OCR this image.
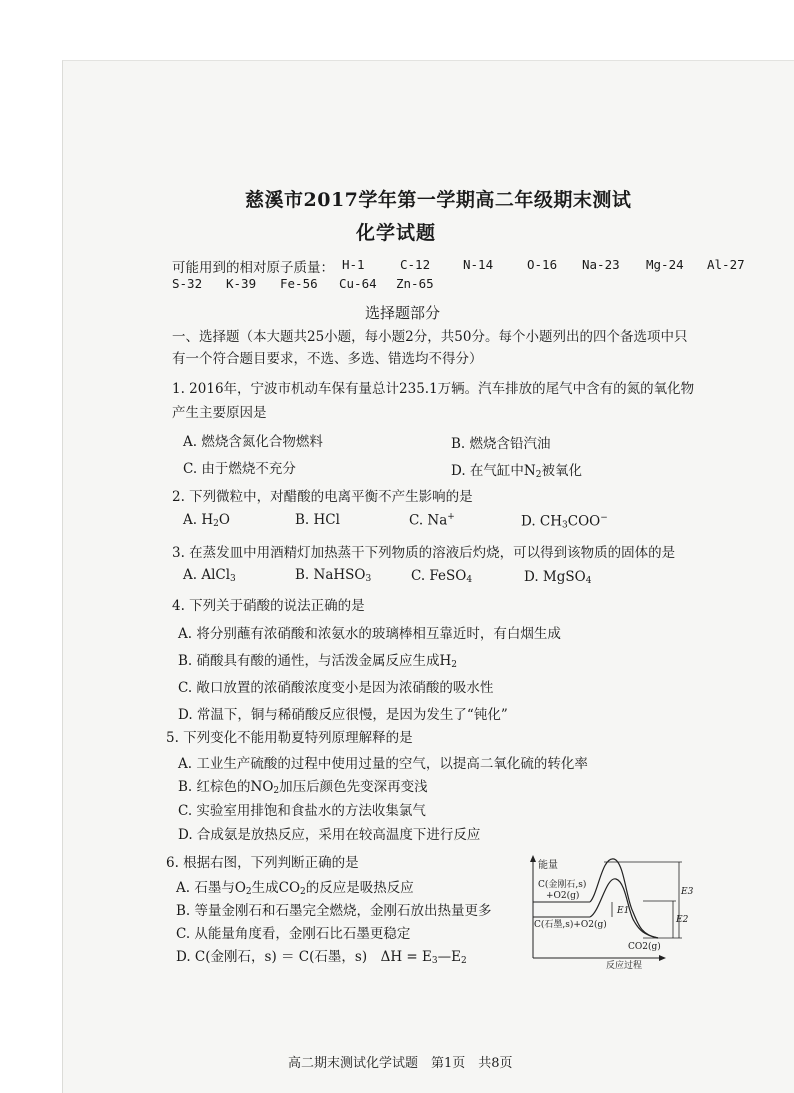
慈溪市2017学年第一学期高二年级期末测试
化学试题
可能用到的相对原子质量： H-1	C-12	N-14	O-16 Na-23 Mg-24 Al-27
S-32 K-39 Fe-56 Cu-64 Zn-65
选择题部分
一、选择题（本大题共25小题，每小题2分，共50分。每个小题列出的四个备选项中只
有一个符合题目要求，不选、多选、错选均不得分）
1. 2016年，宁波市机动车保有量总计235.1万辆。汽车排放的尾气中含有的氮的氧化物
产生主要原因是
A. 燃烧含氮化合物燃料	B. 燃烧含铅汽油
C. 由于燃烧不充分	D. 在气缸中$N_2$被氧化
2. 下列微粒中，对醋酸的电离平衡不产生影响的是
A. $H_2O$	B. HCl	C. Na+	D. $CH_3COO^-$
3. 在蒸发皿中用酒精灯加热蒸干下列物质的溶液后灼烧，可以得到该物质的固体的是
A. AlCl$_3$	B. NaHSO$_3$	C. FeSO$_4$	D. MgSO$_4$
4. 下列关于硝酸的说法正确的是
A. 将分别蘸有浓硝酸和浓氨水的玻璃棒相互靠近时，有白烟生成
B. 硝酸具有酸的通性，与活泼金属反应生成$H_2$
C. 敞口放置的浓硝酸浓度变小是因为浓硝酸的吸水性
D. 常温下，铜与稀硝酸反应很慢，是因为发生了“钝化”
5. 下列变化不能用勒夏特列原理解释的是
A. 工业生产硫酸的过程中使用过量的空气，以提高二氧化硫的转化率
B. 红棕色的$NO_2$加压后颜色先变深再变浅
C. 实验室用排饱和食盐水的方法收集氯气
D. 合成氨是放热反应，采用在较高温度下进行反应
6. 根据右图，下列判断正确的是
A. 石墨与$O_2$生成$CO_2$的反应是吸热反应
B. 等量金刚石和石墨完全燃烧，金刚石放出热量更多
C. 从能量角度看，金刚石比石墨更稳定
D. C(金刚石，s) ＝ C(石墨，s)　$\Delta H = E_3—E_2$
能量
C(金刚石,s)
+O2(g)
C(石墨,s)+O2(g)
E1
E2
E3
CO2(g)
反应过程
高二期末测试化学试题　第1页　共8页
